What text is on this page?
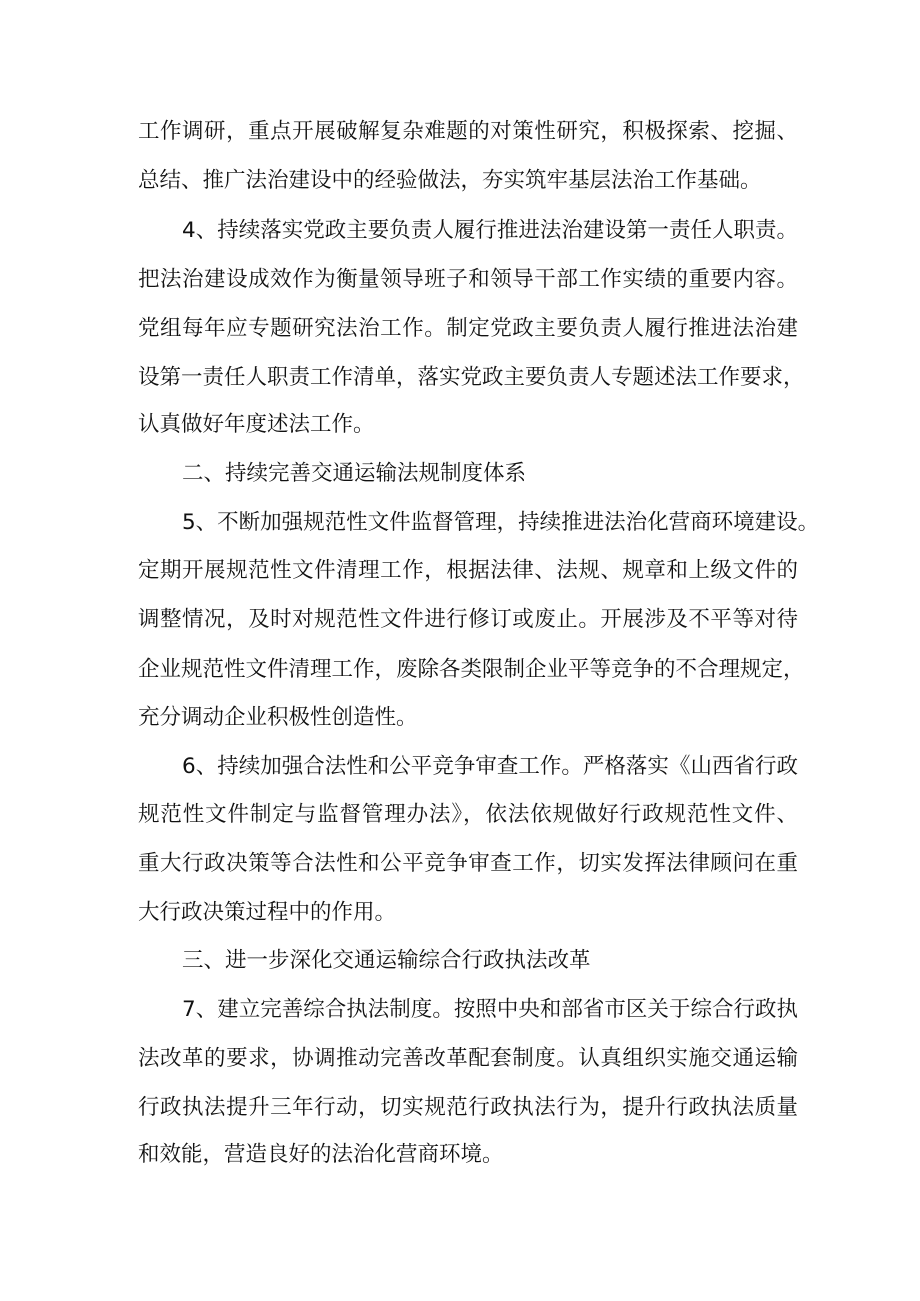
工作调研，重点开展破解复杂难题的对策性研究，积极探索、挖掘、
总结、推广法治建设中的经验做法，夯实筑牢基层法治工作基础。
4、持续落实党政主要负责人履行推进法治建设第一责任人职责。
把法治建设成效作为衡量领导班子和领导干部工作实绩的重要内容。
党组每年应专题研究法治工作。制定党政主要负责人履行推进法治建
设第一责任人职责工作清单，落实党政主要负责人专题述法工作要求，
认真做好年度述法工作。
二、持续完善交通运输法规制度体系
5、不断加强规范性文件监督管理，持续推进法治化营商环境建设。
定期开展规范性文件清理工作，根据法律、法规、规章和上级文件的
调整情况，及时对规范性文件进行修订或废止。开展涉及不平等对待
企业规范性文件清理工作，废除各类限制企业平等竞争的不合理规定，
充分调动企业积极性创造性。
6、持续加强合法性和公平竞争审查工作。严格落实《山西省行政
规范性文件制定与监督管理办法》，依法依规做好行政规范性文件、
重大行政决策等合法性和公平竞争审查工作，切实发挥法律顾问在重
大行政决策过程中的作用。
三、进一步深化交通运输综合行政执法改革
7、建立完善综合执法制度。按照中央和部省市区关于综合行政执
法改革的要求，协调推动完善改革配套制度。认真组织实施交通运输
行政执法提升三年行动，切实规范行政执法行为，提升行政执法质量
和效能，营造良好的法治化营商环境。
